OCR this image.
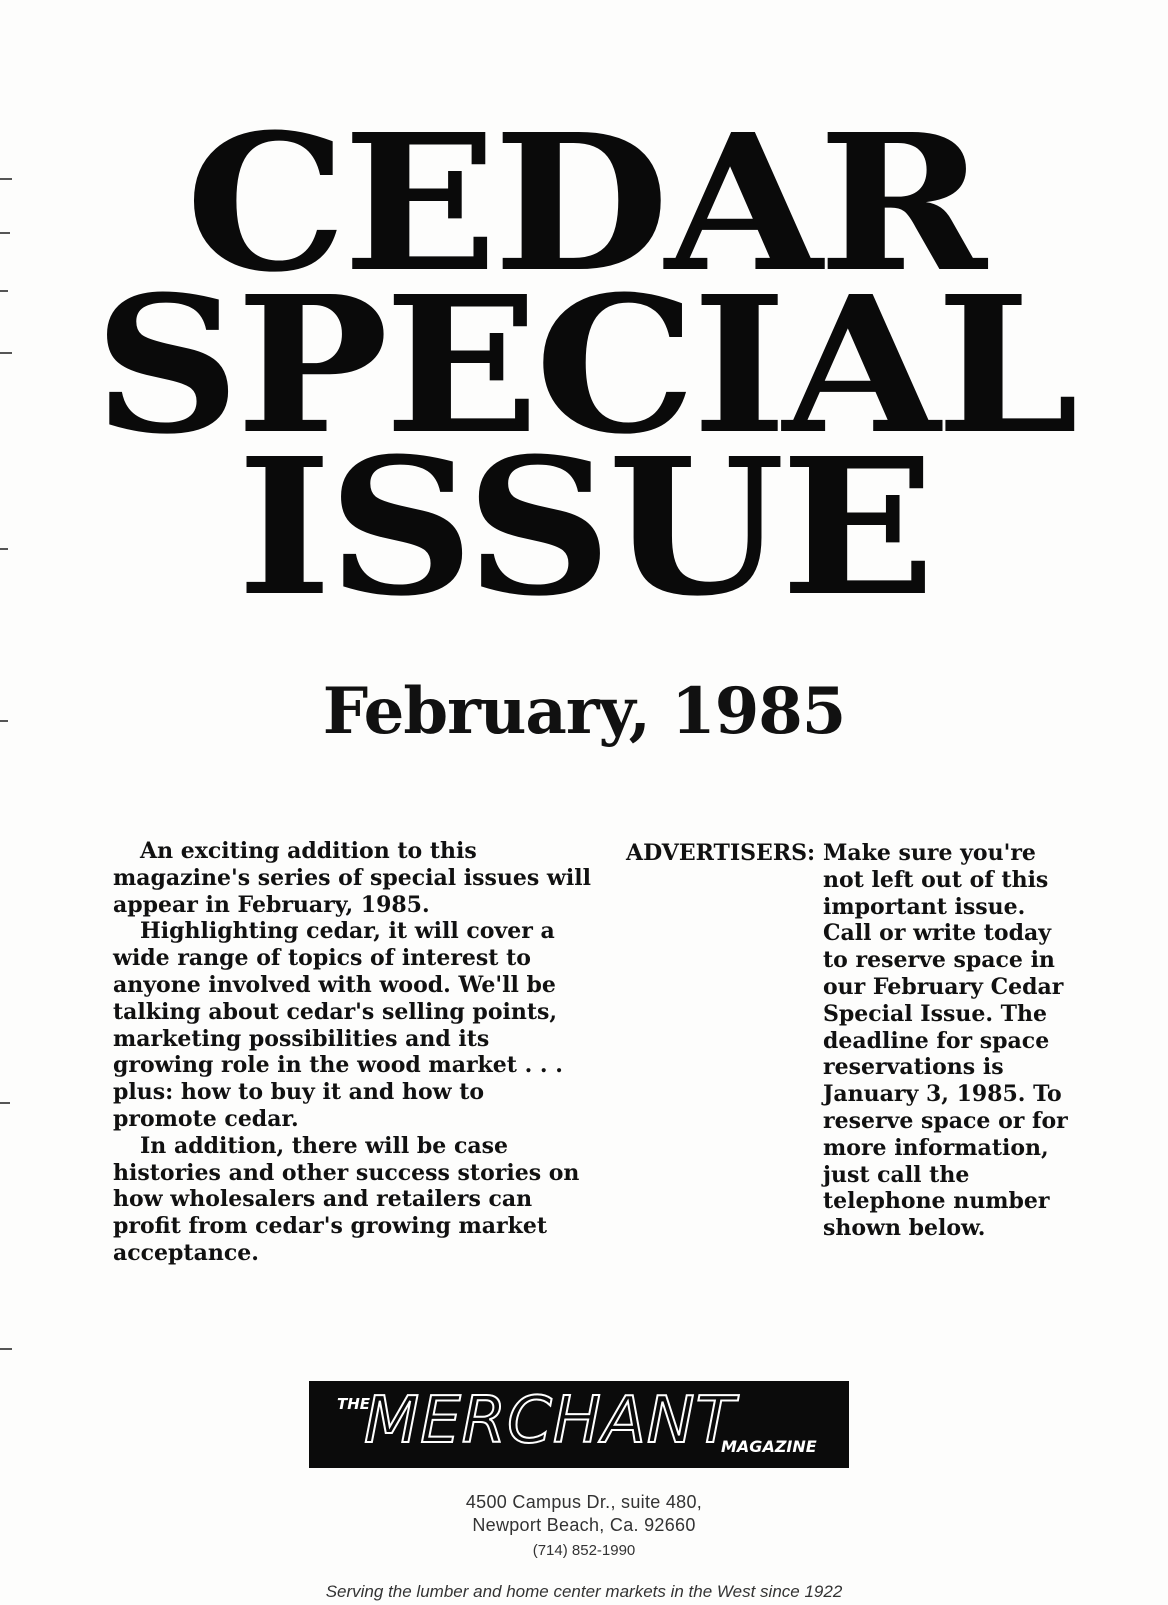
CEDAR
SPECIAL
ISSUE
February, 1985

An exciting addition to this magazine's series of special issues will appear in February, 1985.

Highlighting cedar, it will cover a wide range of topics of interest to anyone involved with wood. We'll be talking about cedar's selling points, marketing possibilities and its growing role in the wood market . . . plus: how to buy it and how to promote cedar.

In addition, there will be case histories and other success stories on how wholesalers and retailers can profit from cedar's growing market acceptance.

ADVERTISERS: Make sure you're not left out of this important issue. Call or write today to reserve space in our February Cedar Special Issue. The deadline for space reservations is January 3, 1985. To reserve space or for more information, just call the telephone number shown below.

THE
MERCHANT
MAGAZINE
4500 Campus Dr., suite 480,
Newport Beach, Ca. 92660
(714) 852-1990
Serving the lumber and home center markets in the West since 1922
